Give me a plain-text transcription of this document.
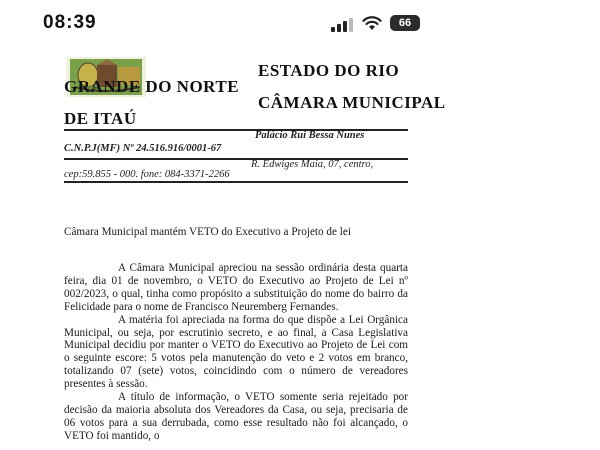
08:39	66
ESTADO DO RIO
GRANDE DO NORTE
CÂMARA MUNICIPAL
DE ITAÚ
Palácio Rui Bessa Nunes
C.N.P.J(MF) Nº 24.516.916/0001-67
R. Edwiges Maia, 07, centro,
cep:59.855 - 000. fone: 084-3371-2266
Câmara Municipal mantém VETO do Executivo a Projeto de lei

A Câmara Municipal apreciou na sessão ordinária desta quarta feira, dia 01 de novembro, o VETO do Executivo ao Projeto de Lei nº 002/2023, o qual, tinha como propósito a substituição do nome do bairro da Felicidade para o nome de Francisco Neuremberg Fernandes.

A matéria foi apreciada na forma do que dispõe a Lei Orgânica Municipal, ou seja, por escrutinio secreto, e ao final, a Casa Legislativa Municipal decidiu por manter o VETO do Executivo ao Projeto de Lei com o seguinte escore: 5 votos pela manutenção do veto e 2 votos em branco, totalizando 07 (sete) votos, coincidindo com o número de vereadores presentes à sessão.

A título de informação, o VETO somente seria rejeitado por decisão da maioria absoluta dos Vereadores da Casa, ou seja, precisaria de 06 votos para a sua derrubada, como esse resultado não foi alcançado, o VETO foi mantido, o
